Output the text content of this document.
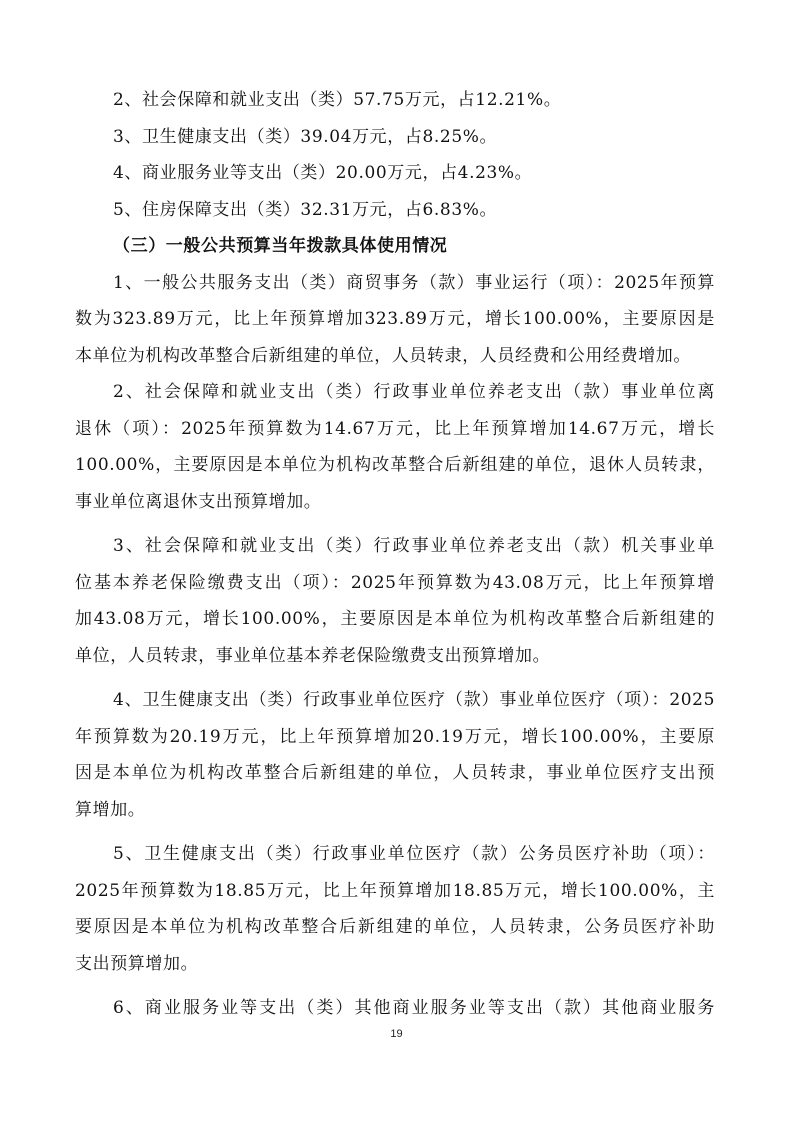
2、社会保障和就业支出（类）57.75万元，占12.21%。
3、卫生健康支出（类）39.04万元，占8.25%。
4、商业服务业等支出（类）20.00万元，占4.23%。
5、住房保障支出（类）32.31万元，占6.83%。
（三）一般公共预算当年拨款具体使用情况
1、一般公共服务支出（类）商贸事务（款）事业运行（项）：2025年预算
数为323.89万元，比上年预算增加323.89万元，增长100.00%，主要原因是
本单位为机构改革整合后新组建的单位，人员转隶，人员经费和公用经费增加。
2、社会保障和就业支出（类）行政事业单位养老支出（款）事业单位离
退休（项）：2025年预算数为14.67万元，比上年预算增加14.67万元，增长
100.00%，主要原因是本单位为机构改革整合后新组建的单位，退休人员转隶，
事业单位离退休支出预算增加。
3、社会保障和就业支出（类）行政事业单位养老支出（款）机关事业单
位基本养老保险缴费支出（项）：2025年预算数为43.08万元，比上年预算增
加43.08万元，增长100.00%，主要原因是本单位为机构改革整合后新组建的
单位，人员转隶，事业单位基本养老保险缴费支出预算增加。
4、卫生健康支出（类）行政事业单位医疗（款）事业单位医疗（项）：2025
年预算数为20.19万元，比上年预算增加20.19万元，增长100.00%，主要原
因是本单位为机构改革整合后新组建的单位，人员转隶，事业单位医疗支出预
算增加。
5、卫生健康支出（类）行政事业单位医疗（款）公务员医疗补助（项）：
2025年预算数为18.85万元，比上年预算增加18.85万元，增长100.00%，主
要原因是本单位为机构改革整合后新组建的单位，人员转隶，公务员医疗补助
支出预算增加。
6、商业服务业等支出（类）其他商业服务业等支出（款）其他商业服务
19
